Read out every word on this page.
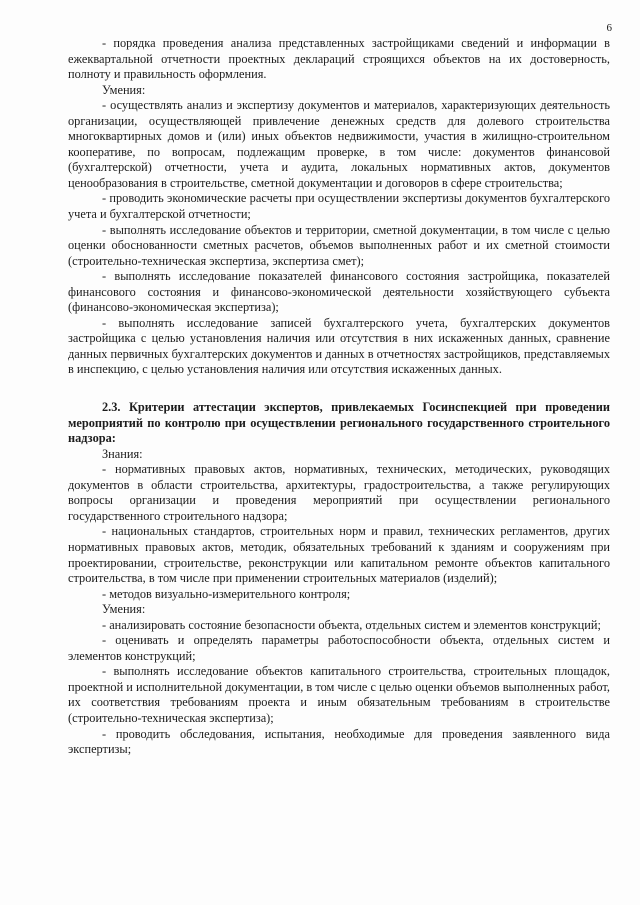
6

- порядка проведения анализа представленных застройщиками сведений и информации в ежеквартальной отчетности проектных деклараций строящихся объектов на их достоверность, полноту и правильность оформления.

Умения:

- осуществлять анализ и экспертизу документов и материалов, характеризующих деятельность организации, осуществляющей привлечение денежных средств для долевого строительства многоквартирных домов и (или) иных объектов недвижимости, участия в жилищно-строительном кооперативе, по вопросам, подлежащим проверке, в том числе: документов финансовой (бухгалтерской) отчетности, учета и аудита, локальных нормативных актов, документов ценообразования в строительстве, сметной документации и договоров в сфере строительства;

- проводить экономические расчеты при осуществлении экспертизы документов бухгалтерского учета и бухгалтерской отчетности;

- выполнять исследование объектов и территории, сметной документации, в том числе с целью оценки обоснованности сметных расчетов, объемов выполненных работ и их сметной стоимости (строительно-техническая экспертиза, экспертиза смет);

- выполнять исследование показателей финансового состояния застройщика, показателей финансового состояния и финансово-экономической деятельности хозяйствующего субъекта (финансово-экономическая экспертиза);

- выполнять исследование записей бухгалтерского учета, бухгалтерских документов застройщика с целью установления наличия или отсутствия в них искаженных данных, сравнение данных первичных бухгалтерских документов и данных в отчетностях застройщиков, представляемых в инспекцию, с целью установления наличия или отсутствия искаженных данных.

2.3. Критерии аттестации экспертов, привлекаемых Госинспекцией при проведении мероприятий по контролю при осуществлении регионального государственного строительного надзора:

Знания:

- нормативных правовых актов, нормативных, технических, методических, руководящих документов в области строительства, архитектуры, градостроительства, а также регулирующих вопросы организации и проведения мероприятий при осуществлении регионального государственного строительного надзора;

- национальных стандартов, строительных норм и правил, технических регламентов, других нормативных правовых актов, методик, обязательных требований к зданиям и сооружениям при проектировании, строительстве, реконструкции или капитальном ремонте объектов капитального строительства, в том числе при применении строительных материалов (изделий);

- методов визуально-измерительного контроля;

Умения:

- анализировать состояние безопасности объекта, отдельных систем и элементов конструкций;

- оценивать и определять параметры работоспособности объекта, отдельных систем и элементов конструкций;

- выполнять исследование объектов капитального строительства, строительных площадок, проектной и исполнительной документации, в том числе с целью оценки объемов выполненных работ, их соответствия требованиям проекта и иным обязательным требованиям в строительстве (строительно-техническая экспертиза);

- проводить обследования, испытания, необходимые для проведения заявленного вида экспертизы;
